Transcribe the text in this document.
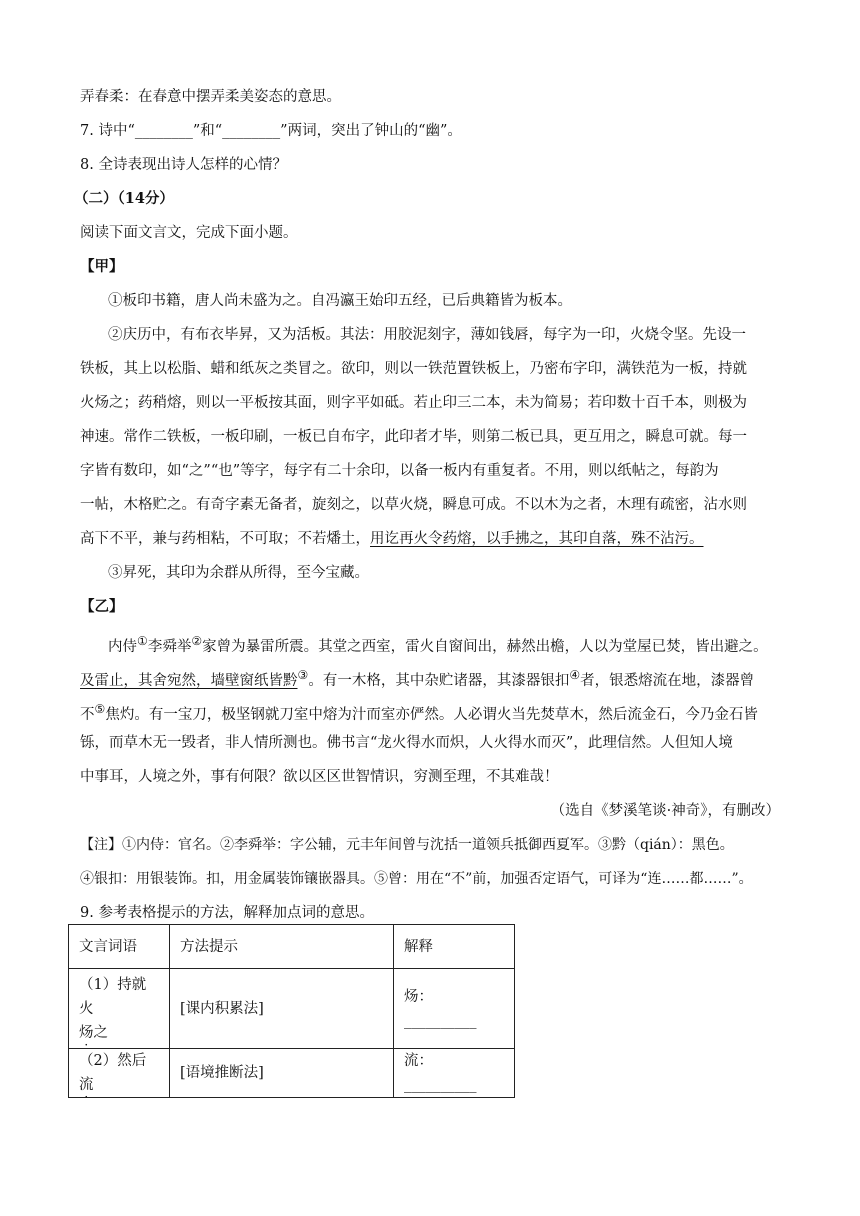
弄春柔：在春意中摆弄柔美姿态的意思。
7. 诗中“________”和“________”两词，突出了钟山的“幽”。
8. 全诗表现出诗人怎样的心情？
（二）（14分）
阅读下面文言文，完成下面小题。
【甲】
①板印书籍，唐人尚未盛为之。自冯瀛王始印五经，已后典籍皆为板本。
②庆历中，有布衣毕昇，又为活板。其法：用胶泥刻字，薄如钱唇，每字为一印，火烧令坚。先设一
铁板，其上以松脂、蜡和纸灰之类冒之。欲印，则以一铁范置铁板上，乃密布字印，满铁范为一板，持就
火炀之；药稍熔，则以一平板按其面，则字平如砥。若止印三二本，未为简易；若印数十百千本，则极为
神速。常作二铁板，一板印刷，一板已自布字，此印者才毕，则第二板已具，更互用之，瞬息可就。每一
字皆有数印，如“之”“也”等字，每字有二十余印，以备一板内有重复者。不用，则以纸帖之，每韵为
一帖，木格贮之。有奇字素无备者，旋刻之，以草火烧，瞬息可成。不以木为之者，木理有疏密，沾水则
高下不平，兼与药相粘，不可取；不若燔土，用讫再火令药熔，以手拂之，其印自落，殊不沾污。
③昇死，其印为余群从所得，至今宝藏。
【乙】
内侍①李舜举②家曾为暴雷所震。其堂之西室，雷火自窗间出，赫然出檐，人以为堂屋已焚，皆出避之。
及雷止，其舍宛然，墙壁窗纸皆黔③。有一木格，其中杂贮诸器，其漆器银扣④者，银悉熔流在地，漆器曾
不⑤焦灼。有一宝刀，极坚钢就刀室中熔为汁而室亦俨然。人必谓火当先焚草木，然后流金石，今乃金石皆
铄，而草木无一毁者，非人情所测也。佛书言“龙火得水而炽，人火得水而灭”，此理信然。人但知人境
中事耳，人境之外，事有何限？欲以区区世智情识，穷测至理，不其难哉！
（选自《梦溪笔谈·神奇》，有删改）
【注】①内侍：官名。②李舜举：字公辅，元丰年间曾与沈括一道领兵抵御西夏军。③黔（qián）：黑色。
④银扣：用银装饰。扣，用金属装饰镶嵌器具。⑤曾：用在“不”前，加强否定语气，可译为“连……都……”。
9. 参考表格提示的方法，解释加点词的意思。
文言词语	方法提示	解释
（1）持就火
炀之	[课内积累法]	炀：__________
（2）然后流	[语境推断法]	流：__________
